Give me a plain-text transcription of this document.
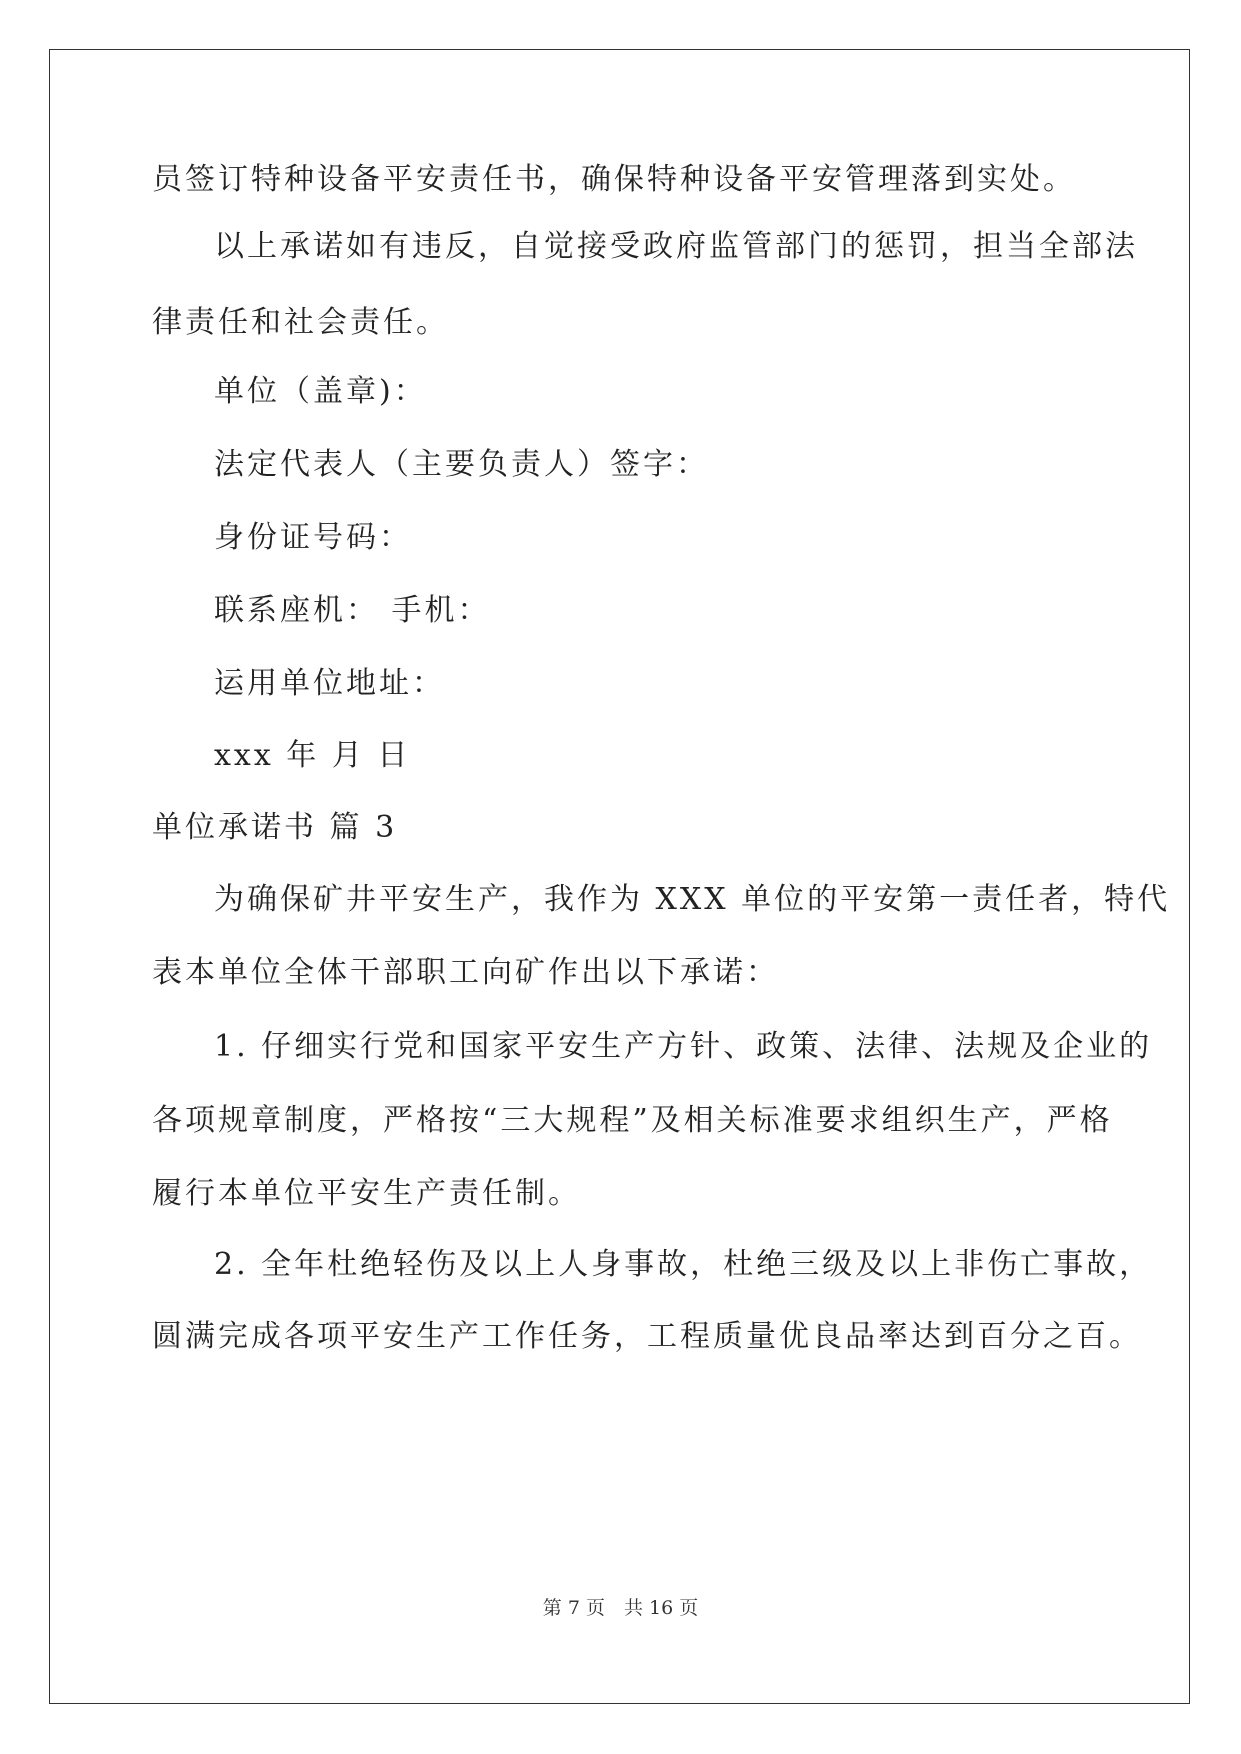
员签订特种设备平安责任书，确保特种设备平安管理落到实处。
以上承诺如有违反，自觉接受政府监管部门的惩罚，担当全部法
律责任和社会责任。
单位（盖章)：
法定代表人（主要负责人）签字：
身份证号码：
联系座机： 手机：
运用单位地址：
xxx 年 月 日
单位承诺书 篇 3
为确保矿井平安生产，我作为 XXX 单位的平安第一责任者，特代
表本单位全体干部职工向矿作出以下承诺：
1. 仔细实行党和国家平安生产方针、政策、法律、法规及企业的
各项规章制度，严格按“三大规程”及相关标准要求组织生产，严格
履行本单位平安生产责任制。
2. 全年杜绝轻伤及以上人身事故，杜绝三级及以上非伤亡事故，
圆满完成各项平安生产工作任务，工程质量优良品率达到百分之百。
第 7 页　共 16 页
